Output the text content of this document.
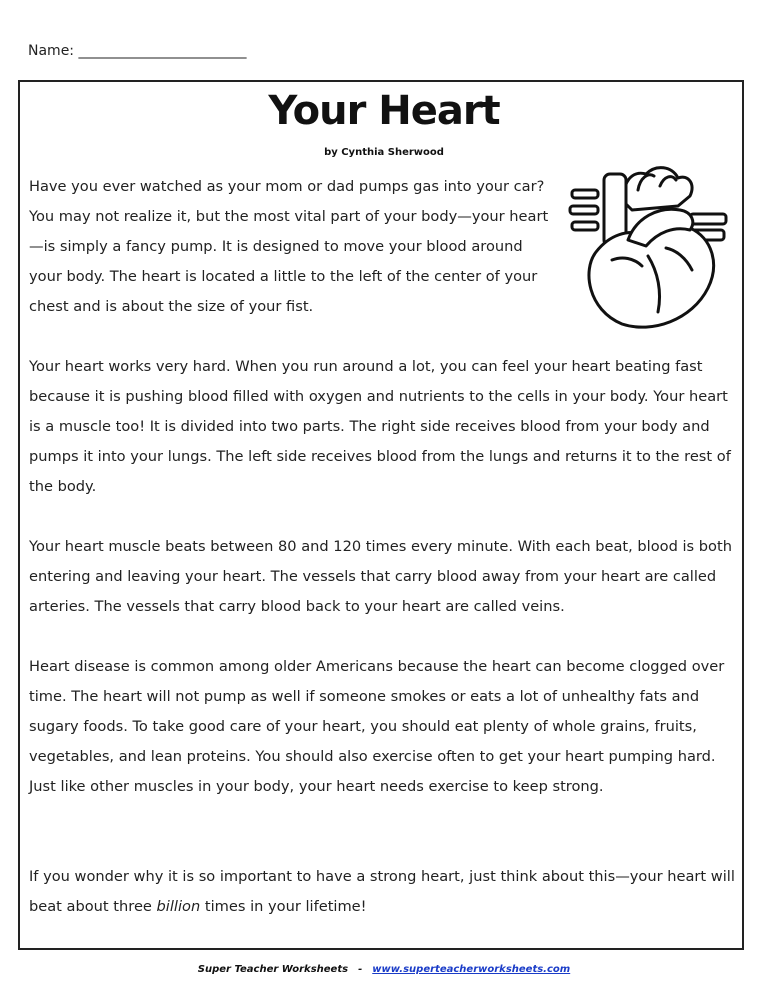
Name: ________________________
Your Heart
by Cynthia Sherwood

Have you ever watched as your mom or dad pumps gas into your car? You may not realize it, but the most vital part of your body—your heart—is simply a fancy pump. It is designed to move your blood around your body. The heart is located a little to the left of the center of your chest and is about the size of your fist.

Your heart works very hard. When you run around a lot, you can feel your heart beating fast because it is pushing blood filled with oxygen and nutrients to the cells in your body. Your heart is a muscle too! It is divided into two parts. The right side receives blood from your body and pumps it into your lungs. The left side receives blood from the lungs and returns it to the rest of the body.

Your heart muscle beats between 80 and 120 times every minute. With each beat, blood is both entering and leaving your heart. The vessels that carry blood away from your heart are called arteries. The vessels that carry blood back to your heart are called veins.

Heart disease is common among older Americans because the heart can become clogged over time. The heart will not pump as well if someone smokes or eats a lot of unhealthy fats and sugary foods. To take good care of your heart, you should eat plenty of whole grains, fruits, vegetables, and lean proteins. You should also exercise often to get your heart pumping hard. Just like other muscles in your body, your heart needs exercise to keep strong.

If you wonder why it is so important to have a strong heart, just think about this—your heart will beat about three billion times in your lifetime!

Super Teacher Worksheets - www.superteacherworksheets.com
